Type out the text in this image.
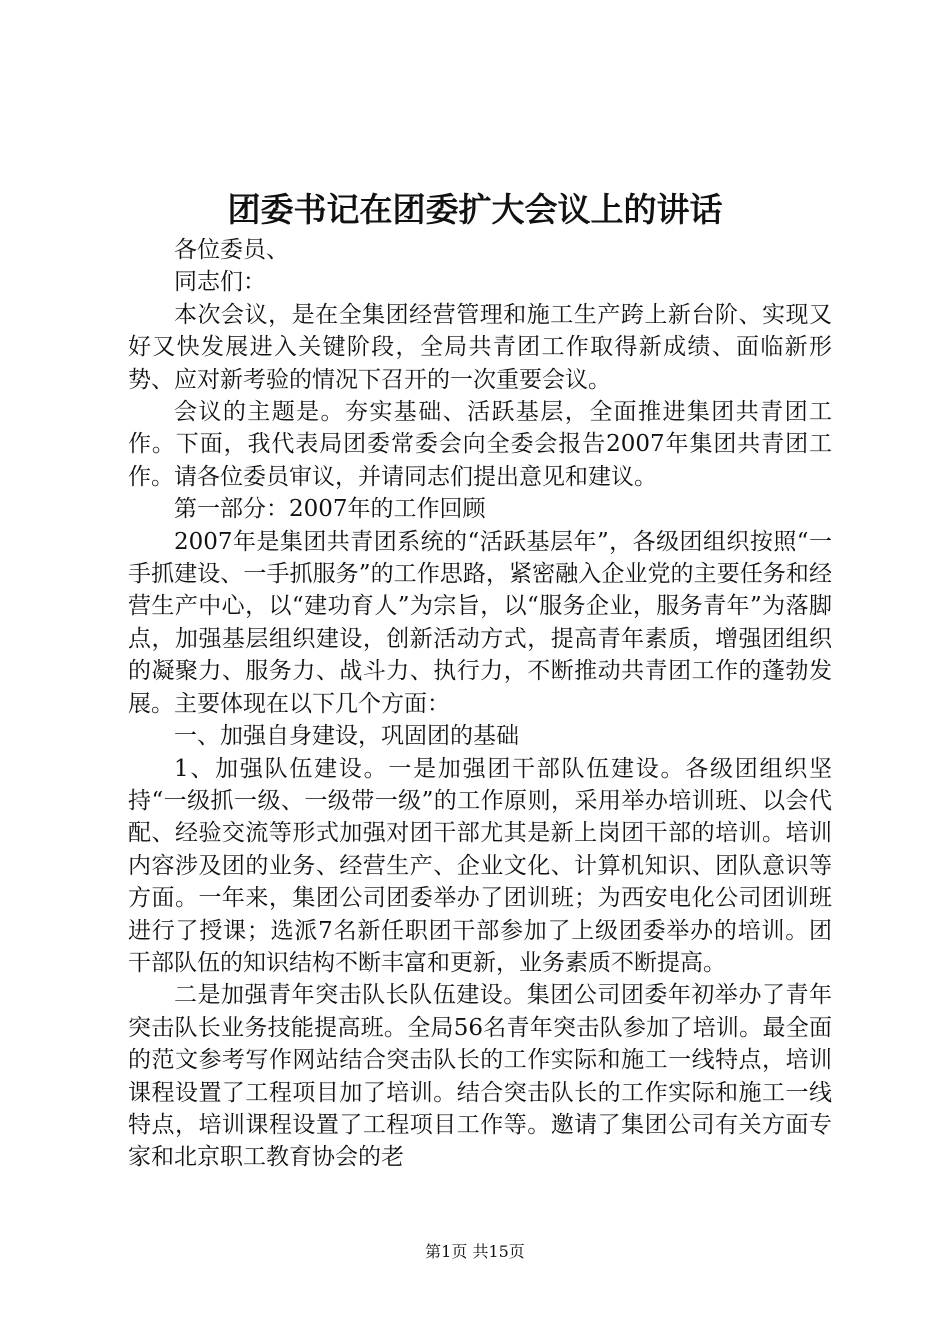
团委书记在团委扩大会议上的讲话

各位委员、

同志们：

本次会议，是在全集团经营管理和施工生产跨上新台阶、实现又好又快发展进入关键阶段，全局共青团工作取得新成绩、面临新形势、应对新考验的情况下召开的一次重要会议。

会议的主题是。夯实基础、活跃基层，全面推进集团共青团工作。下面，我代表局团委常委会向全委会报告2007年集团共青团工作。请各位委员审议，并请同志们提出意见和建议。

第一部分：2007年的工作回顾

2007年是集团共青团系统的“活跃基层年”，各级团组织按照“一手抓建设、一手抓服务”的工作思路，紧密融入企业党的主要任务和经营生产中心，以“建功育人”为宗旨，以“服务企业，服务青年”为落脚点，加强基层组织建设，创新活动方式，提高青年素质，增强团组织的凝聚力、服务力、战斗力、执行力，不断推动共青团工作的蓬勃发展。主要体现在以下几个方面：

一、加强自身建设，巩固团的基础

1、加强队伍建设。一是加强团干部队伍建设。各级团组织坚持“一级抓一级、一级带一级”的工作原则，采用举办培训班、以会代配、经验交流等形式加强对团干部尤其是新上岗团干部的培训。培训内容涉及团的业务、经营生产、企业文化、计算机知识、团队意识等方面。一年来，集团公司团委举办了团训班；为西安电化公司团训班进行了授课；选派7名新任职团干部参加了上级团委举办的培训。团干部队伍的知识结构不断丰富和更新，业务素质不断提高。

二是加强青年突击队长队伍建设。集团公司团委年初举办了青年突击队长业务技能提高班。全局56名青年突击队参加了培训。最全面的范文参考写作网站结合突击队长的工作实际和施工一线特点，培训课程设置了工程项目加了培训。结合突击队长的工作实际和施工一线特点，培训课程设置了工程项目工作等。邀请了集团公司有关方面专家和北京职工教育协会的老

第1页 共15页
